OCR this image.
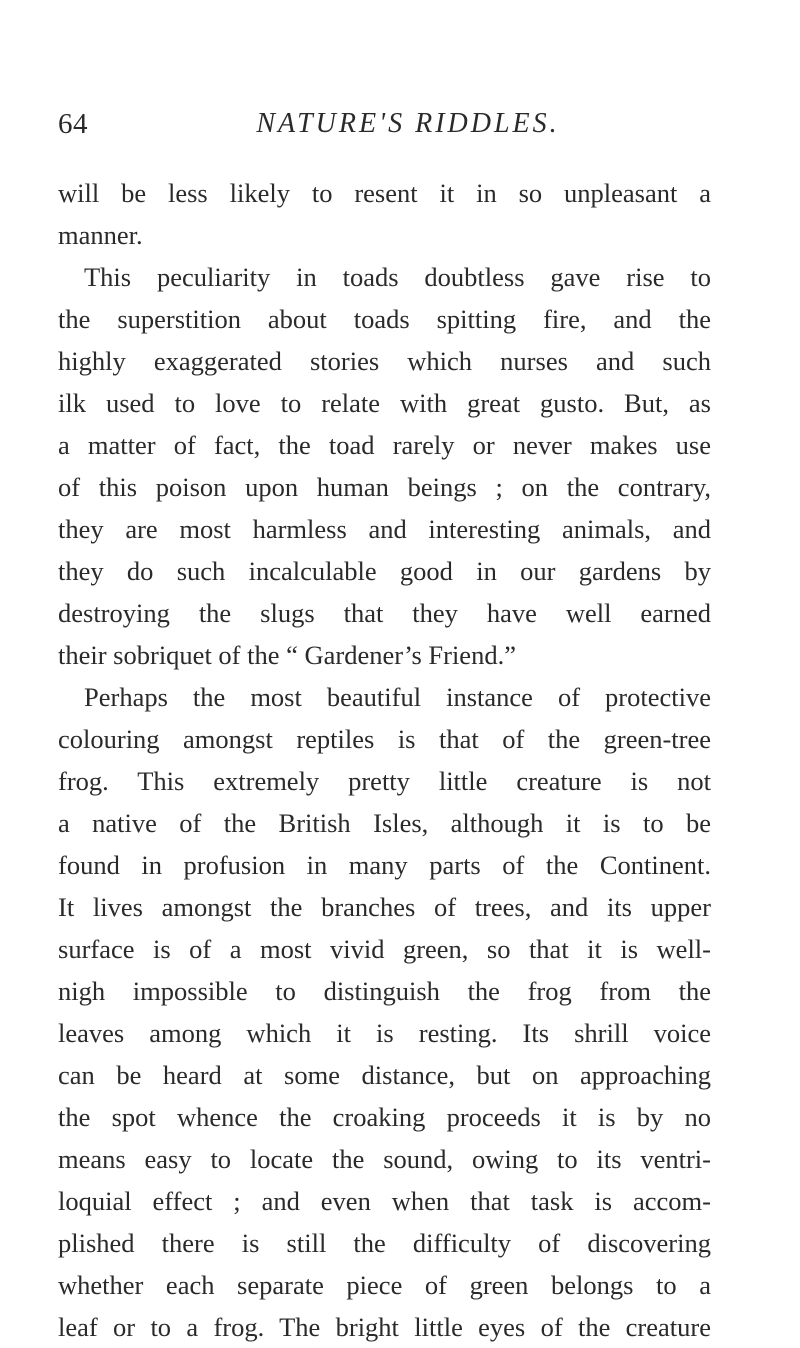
64	NATURE'S RIDDLES.
will be less likely to resent it in so unpleasant a
manner.
This peculiarity in toads doubtless gave rise to
the superstition about toads spitting fire, and the
highly exaggerated stories which nurses and such
ilk used to love to relate with great gusto. But, as
a matter of fact, the toad rarely or never makes use
of this poison upon human beings ; on the contrary,
they are most harmless and interesting animals, and
they do such incalculable good in our gardens by
destroying the slugs that they have well earned
their sobriquet of the “ Gardener’s Friend.”
Perhaps the most beautiful instance of protective
colouring amongst reptiles is that of the green-tree
frog. This extremely pretty little creature is not
a native of the British Isles, although it is to be
found in profusion in many parts of the Continent.
It lives amongst the branches of trees, and its upper
surface is of a most vivid green, so that it is well-
nigh impossible to distinguish the frog from the
leaves among which it is resting. Its shrill voice
can be heard at some distance, but on approaching
the spot whence the croaking proceeds it is by no
means easy to locate the sound, owing to its ventri-
loquial effect ; and even when that task is accom-
plished there is still the difficulty of discovering
whether each separate piece of green belongs to a
leaf or to a frog. The bright little eyes of the creature
